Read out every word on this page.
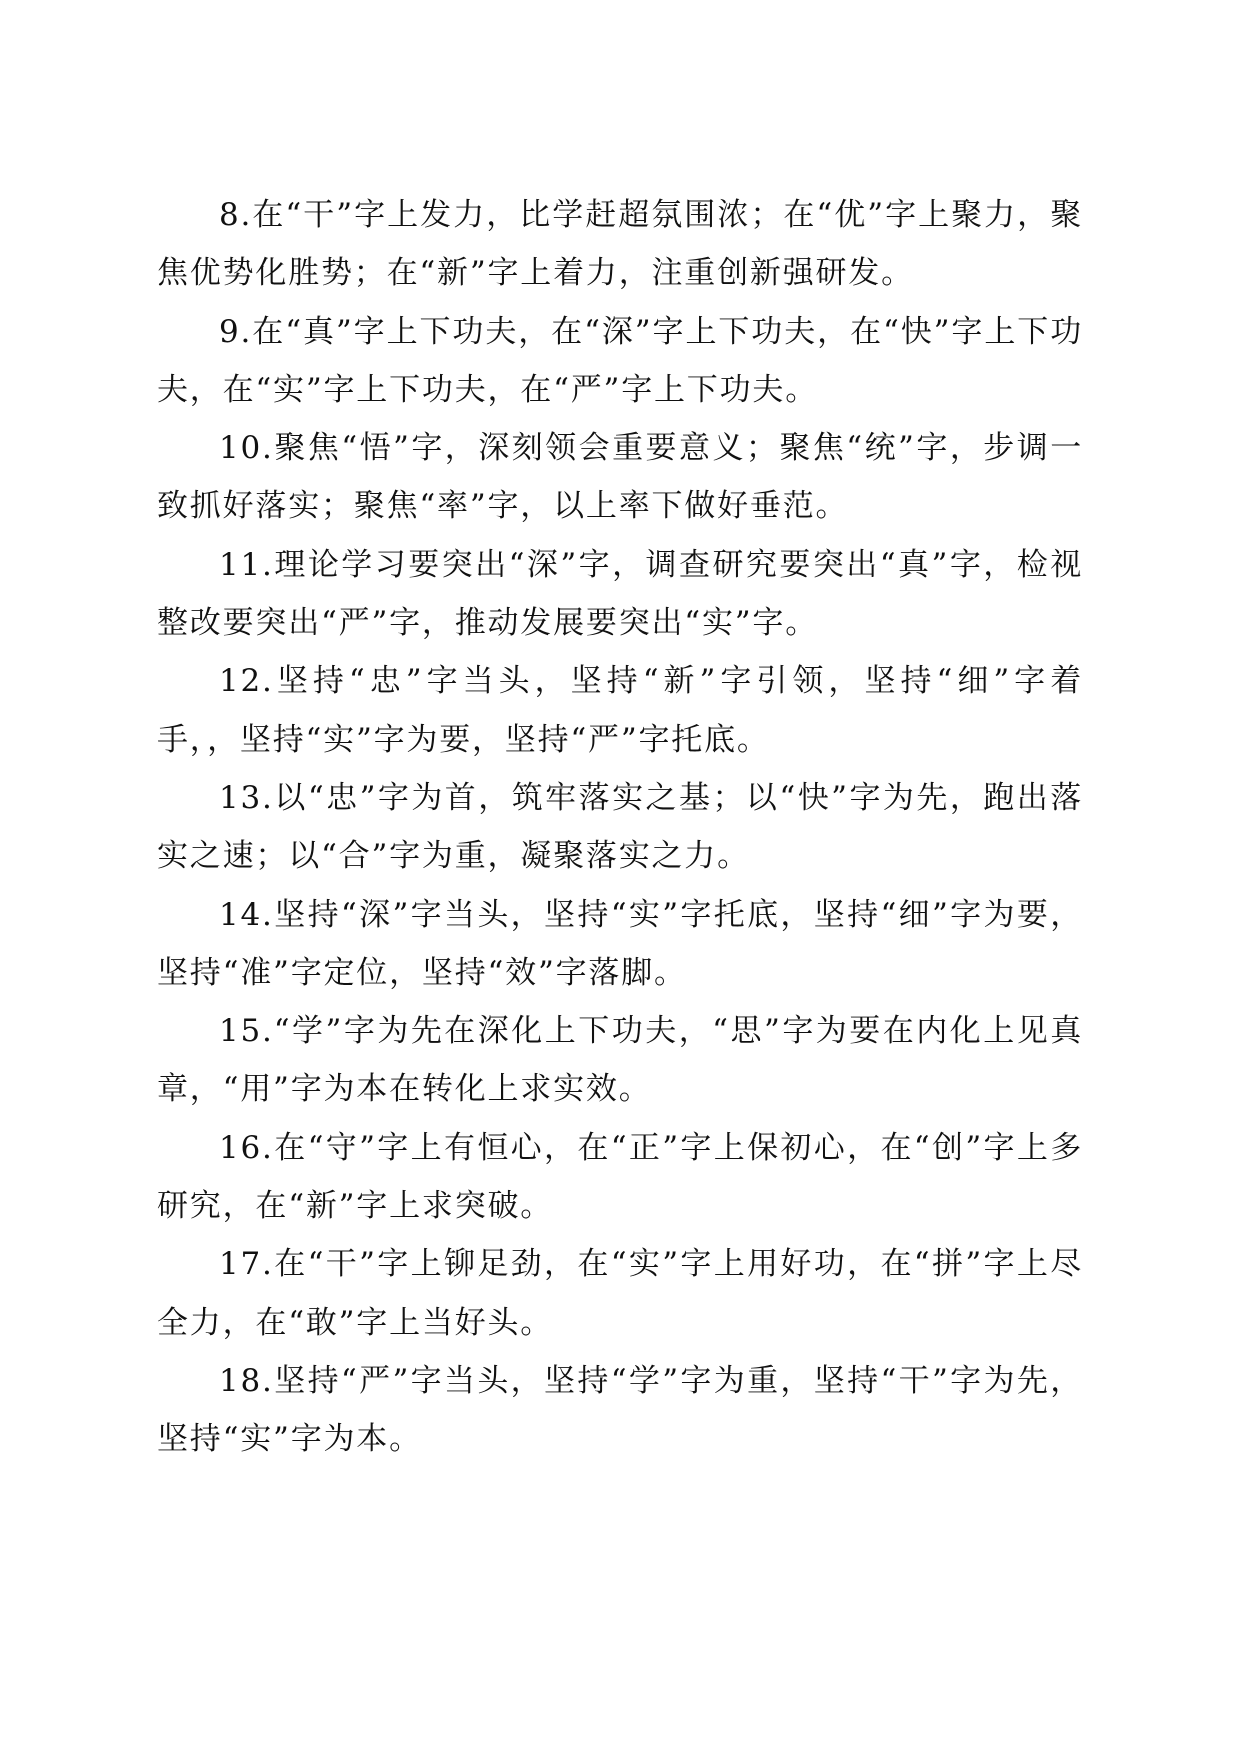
8.在“干”字上发力，比学赶超氛围浓；在“优”字上聚力，聚焦优势化胜势；在“新”字上着力，注重创新强研发。

9.在“真”字上下功夫，在“深”字上下功夫，在“快”字上下功夫，在“实”字上下功夫，在“严”字上下功夫。

10.聚焦“悟”字，深刻领会重要意义；聚焦“统”字，步调一致抓好落实；聚焦“率”字，以上率下做好垂范。

11.理论学习要突出“深”字，调查研究要突出“真”字，检视整改要突出“严”字，推动发展要突出“实”字。

12.坚持“忠”字当头，坚持“新”字引领，坚持“细”字着手，，坚持“实”字为要，坚持“严”字托底。

13.以“忠”字为首，筑牢落实之基；以“快”字为先，跑出落实之速；以“合”字为重，凝聚落实之力。

14.坚持“深”字当头，坚持“实”字托底，坚持“细”字为要，坚持“准”字定位，坚持“效”字落脚。

15.“学”字为先在深化上下功夫，“思”字为要在内化上见真章，“用”字为本在转化上求实效。

16.在“守”字上有恒心，在“正”字上保初心，在“创”字上多研究，在“新”字上求突破。

17.在“干”字上铆足劲，在“实”字上用好功，在“拼”字上尽全力，在“敢”字上当好头。

18.坚持“严”字当头，坚持“学”字为重，坚持“干”字为先，坚持“实”字为本。
